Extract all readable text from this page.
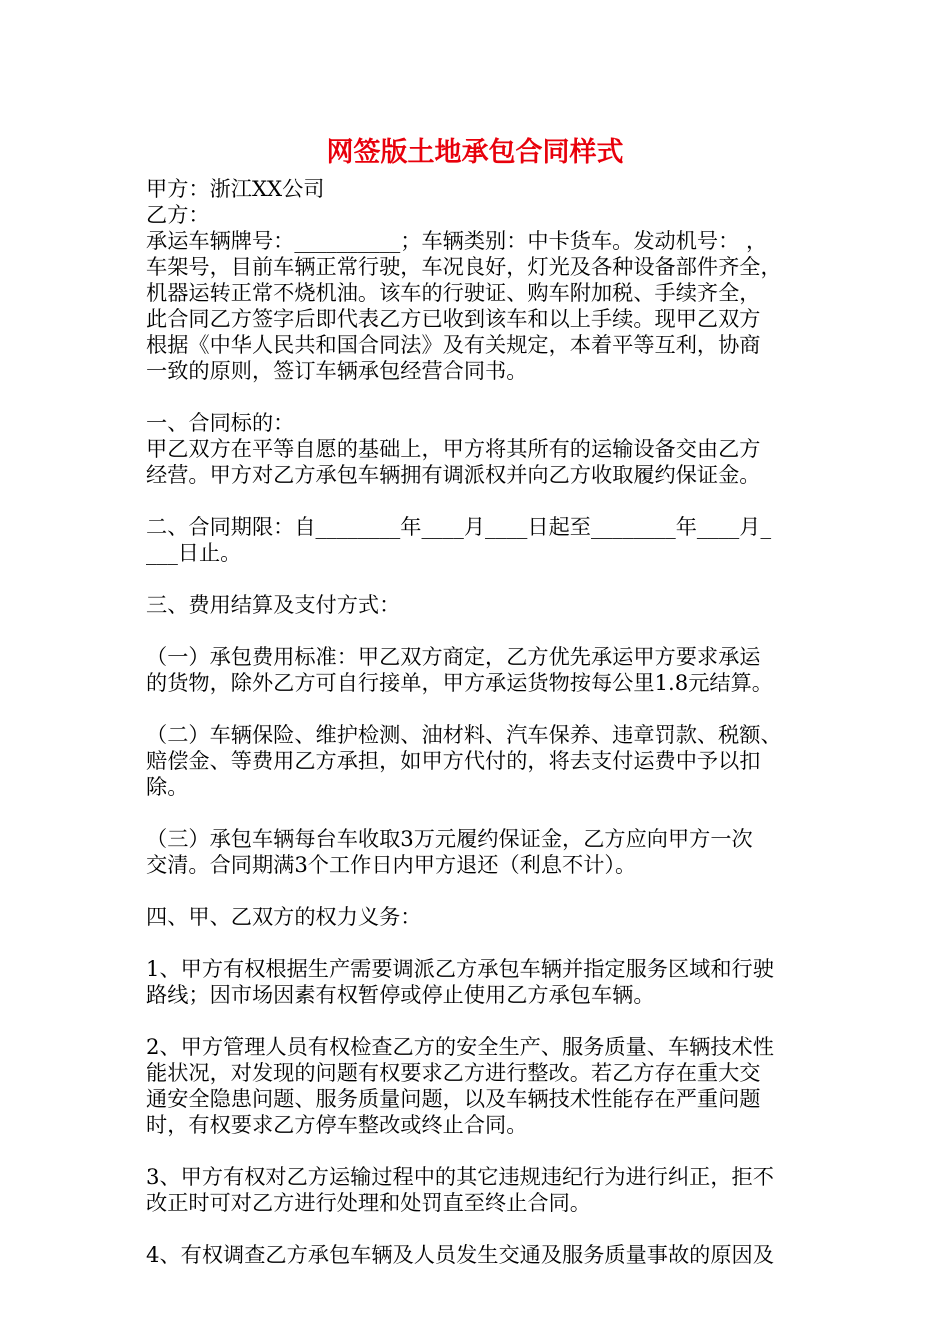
网签版土地承包合同样式

甲方：浙江XX公司

乙方：

承运车辆牌号：__________；车辆类别：中卡货车。发动机号： ，

车架号，目前车辆正常行驶，车况良好，灯光及各种设备部件齐全，

机器运转正常不烧机油。该车的行驶证、购车附加税、手续齐全，

此合同乙方签字后即代表乙方已收到该车和以上手续。现甲乙双方

根据《中华人民共和国合同法》及有关规定，本着平等互利，协商

一致的原则，签订车辆承包经营合同书。

一、合同标的：

甲乙双方在平等自愿的基础上，甲方将其所有的运输设备交由乙方

经营。甲方对乙方承包车辆拥有调派权并向乙方收取履约保证金。

二、合同期限：自________年____月____日起至________年____月_

___日止。

三、费用结算及支付方式：

（一）承包费用标准：甲乙双方商定，乙方优先承运甲方要求承运

的货物，除外乙方可自行接单，甲方承运货物按每公里1.8元结算。

（二）车辆保险、维护检测、油材料、汽车保养、违章罚款、税额、

赔偿金、等费用乙方承担，如甲方代付的，将去支付运费中予以扣

除。

（三）承包车辆每台车收取3万元履约保证金，乙方应向甲方一次

交清。合同期满3个工作日内甲方退还（利息不计）。

四、甲、乙双方的权力义务：

1、甲方有权根据生产需要调派乙方承包车辆并指定服务区域和行驶

路线；因市场因素有权暂停或停止使用乙方承包车辆。

2、甲方管理人员有权检查乙方的安全生产、服务质量、车辆技术性

能状况，对发现的问题有权要求乙方进行整改。若乙方存在重大交

通安全隐患问题、服务质量问题，以及车辆技术性能存在严重问题

时，有权要求乙方停车整改或终止合同。

3、甲方有权对乙方运输过程中的其它违规违纪行为进行纠正，拒不

改正时可对乙方进行处理和处罚直至终止合同。

4、有权调查乙方承包车辆及人员发生交通及服务质量事故的原因及
